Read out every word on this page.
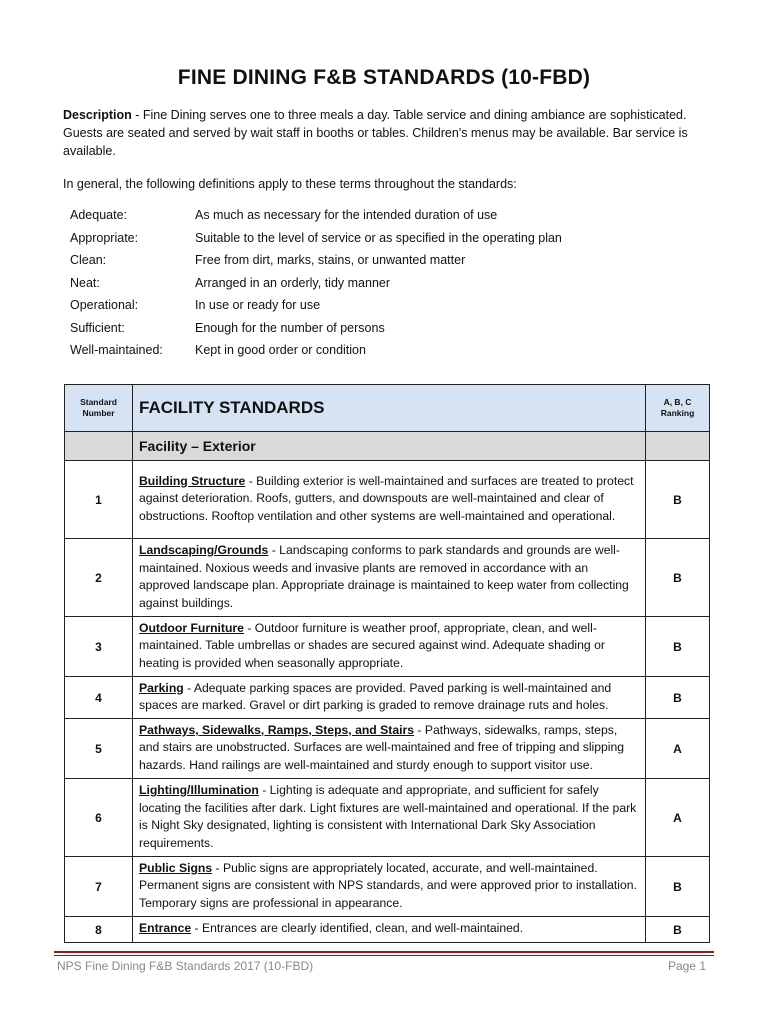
FINE DINING F&B STANDARDS (10-FBD)
Description - Fine Dining serves one to three meals a day. Table service and dining ambiance are sophisticated. Guests are seated and served by wait staff in booths or tables. Children's menus may be available. Bar service is available.
In general, the following definitions apply to these terms throughout the standards:
Adequate:	As much as necessary for the intended duration of use
Appropriate:	Suitable to the level of service or as specified in the operating plan
Clean:	Free from dirt, marks, stains, or unwanted matter
Neat:	Arranged in an orderly, tidy manner
Operational:	In use or ready for use
Sufficient:	Enough for the number of persons
Well-maintained:	Kept in good order or condition
Standard Number	FACILITY STANDARDS	A, B, C Ranking
	Facility – Exterior	
1	Building Structure - Building exterior is well-maintained and surfaces are treated to protect against deterioration. Roofs, gutters, and downspouts are well-maintained and clear of obstructions. Rooftop ventilation and other systems are well-maintained and operational.	B
2	Landscaping/Grounds - Landscaping conforms to park standards and grounds are well-maintained. Noxious weeds and invasive plants are removed in accordance with an approved landscape plan. Appropriate drainage is maintained to keep water from collecting against buildings.	B
3	Outdoor Furniture - Outdoor furniture is weather proof, appropriate, clean, and well-maintained. Table umbrellas or shades are secured against wind. Adequate shading or heating is provided when seasonally appropriate.	B
4	Parking - Adequate parking spaces are provided. Paved parking is well-maintained and spaces are marked. Gravel or dirt parking is graded to remove drainage ruts and holes.	B
5	Pathways, Sidewalks, Ramps, Steps, and Stairs - Pathways, sidewalks, ramps, steps, and stairs are unobstructed. Surfaces are well-maintained and free of tripping and slipping hazards. Hand railings are well-maintained and sturdy enough to support visitor use.	A
6	Lighting/Illumination - Lighting is adequate and appropriate, and sufficient for safely locating the facilities after dark. Light fixtures are well-maintained and operational. If the park is Night Sky designated, lighting is consistent with International Dark Sky Association requirements.	A
7	Public Signs - Public signs are appropriately located, accurate, and well-maintained. Permanent signs are consistent with NPS standards, and were approved prior to installation. Temporary signs are professional in appearance.	B
8	Entrance - Entrances are clearly identified, clean, and well-maintained.	B
NPS Fine Dining F&B Standards 2017 (10-FBD)	Page 1
